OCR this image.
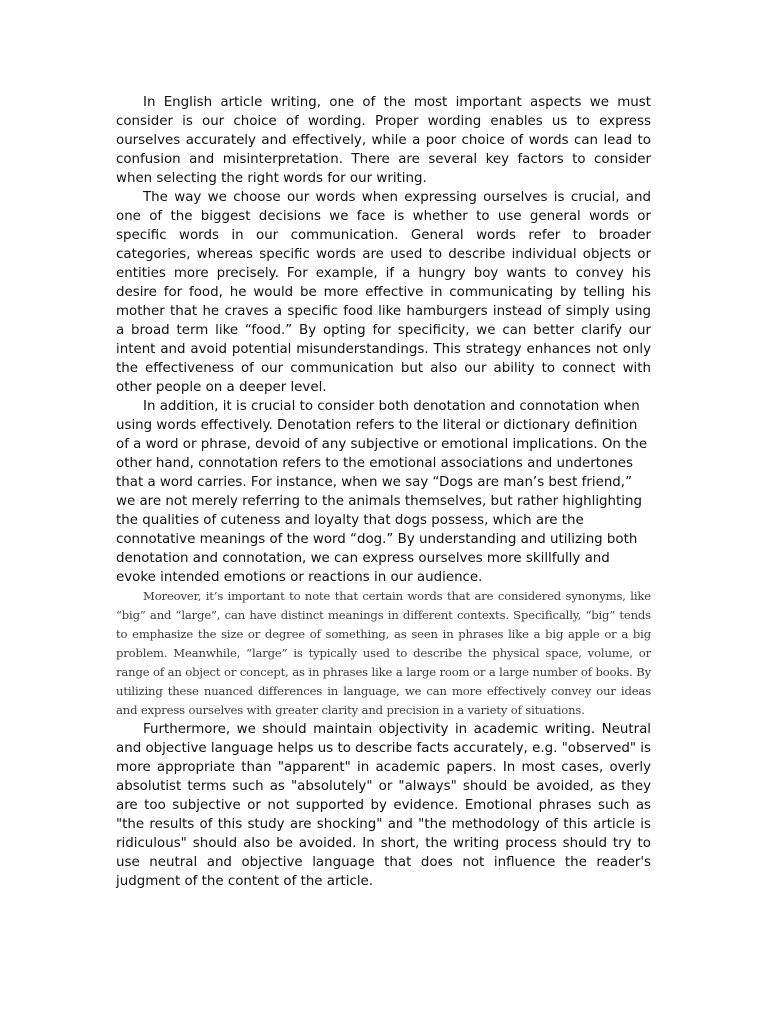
In English article writing, one of the most important aspects we must consider is our choice of wording. Proper wording enables us to express ourselves accurately and effectively, while a poor choice of words can lead to confusion and misinterpretation. There are several key factors to consider when selecting the right words for our writing.

The way we choose our words when expressing ourselves is crucial, and one of the biggest decisions we face is whether to use general words or specific words in our communication. General words refer to broader categories, whereas specific words are used to describe individual objects or entities more precisely. For example, if a hungry boy wants to convey his desire for food, he would be more effective in communicating by telling his mother that he craves a specific food like hamburgers instead of simply using a broad term like “food.” By opting for specificity, we can better clarify our intent and avoid potential misunderstandings. This strategy enhances not only the effectiveness of our communication but also our ability to connect with other people on a deeper level.

In addition, it is crucial to consider both denotation and connotation when using words effectively. Denotation refers to the literal or dictionary definition of a word or phrase, devoid of any subjective or emotional implications. On the other hand, connotation refers to the emotional associations and undertones that a word carries. For instance, when we say “Dogs are man’s best friend,” we are not merely referring to the animals themselves, but rather highlighting the qualities of cuteness and loyalty that dogs possess, which are the connotative meanings of the word “dog.” By understanding and utilizing both denotation and connotation, we can express ourselves more skillfully and evoke intended emotions or reactions in our audience.

Moreover, it’s important to note that certain words that are considered synonyms, like “big” and “large”, can have distinct meanings in different contexts. Specifically, “big” tends to emphasize the size or degree of something, as seen in phrases like a big apple or a big problem. Meanwhile, “large” is typically used to describe the physical space, volume, or range of an object or concept, as in phrases like a large room or a large number of books. By utilizing these nuanced differences in language, we can more effectively convey our ideas and express ourselves with greater clarity and precision in a variety of situations.

Furthermore, we should maintain objectivity in academic writing. Neutral and objective language helps us to describe facts accurately, e.g. "observed" is more appropriate than "apparent" in academic papers. In most cases, overly absolutist terms such as "absolutely" or "always" should be avoided, as they are too subjective or not supported by evidence. Emotional phrases such as "the results of this study are shocking" and "the methodology of this article is ridiculous" should also be avoided. In short, the writing process should try to use neutral and objective language that does not influence the reader's judgment of the content of the article.
